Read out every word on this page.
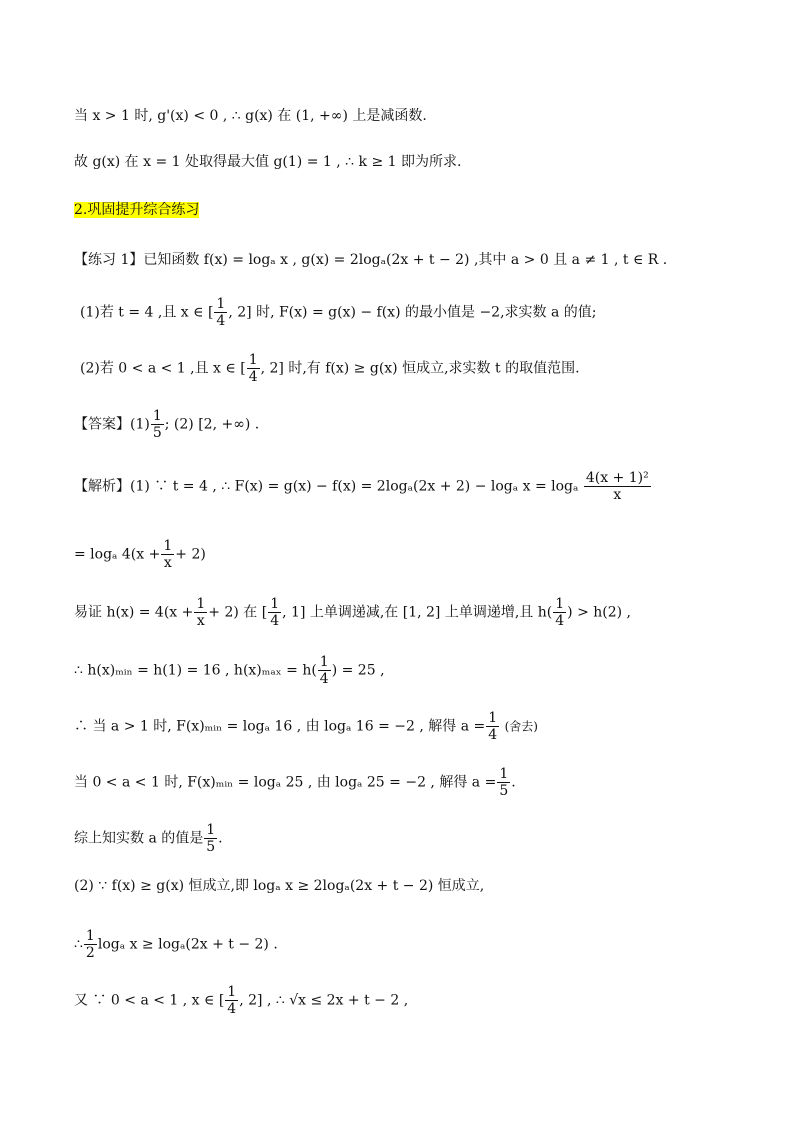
当 x > 1 时, g'(x) < 0 , ∴ g(x) 在 (1, +∞) 上是减函数.
故 g(x) 在 x = 1 处取得最大值 g(1) = 1 , ∴ k ≥ 1 即为所求.
2.巩固提升综合练习
【练习 1】已知函数 f(x) = logₐ x , g(x) = 2logₐ(2x + t − 2) ,其中 a > 0 且 a ≠ 1 , t ∈ R .
(1)若 t = 4 ,且 x ∈ [ $\frac{1}{4}$ , 2] 时, F(x) = g(x) − f(x) 的最小值是 −2,求实数 a 的值;
(2)若 0 < a < 1 ,且 x ∈ [ $\frac{1}{4}$ , 2] 时,有 f(x) ≥ g(x) 恒成立,求实数 t 的取值范围.
【答案】$(1) \frac{1}{5}$ ; (2) [2, +∞) .
【解析】(1) ∵ t = 4 , ∴ F(x) = g(x) − f(x) = 2logₐ(2x + 2) − logₐ x = logₐ $\frac{\text{4(x + 1)²}}{x}$
= logₐ $4(x + \frac{1}{x} + 2)$
易证 $h(x) = 4(x + \frac{1}{x} + 2)$ 在 [ $\frac{1}{4}$ , 1] 上单调递减,在 [1, 2] 上单调递增,且 $h( \frac{1}{4}$ ) > h(2) ,
∴ h(x)ₘᵢₙ = h(1) = 16 , $h(x)_{max} = h( \frac{1}{4}$ ) = 25 ,
∴ 当 a > 1 时, F(x)ₘᵢₙ = logₐ 16 , 由 logₐ 16 = −2 , 解得 $a = \frac{1}{4}$ (舍去)
当 0 < a < 1 时, F(x)ₘᵢₙ = logₐ 25 , 由 logₐ 25 = −2 , 解得 $a = \frac{1}{5}$ .
综上知实数 a 的值是 $\frac{1}{5}$ .
(2) ∵ f(x) ≥ g(x) 恒成立,即 logₐ x ≥ 2logₐ(2x + t − 2) 恒成立,
∴ $\frac{1}{2}$ logₐ x ≥ logₐ(2x + t − 2) .
又 ∵ 0 < a < 1 , x ∈ [ $\frac{1}{4}$ , 2] , ∴ √x ≤ 2x + t − 2 ,
